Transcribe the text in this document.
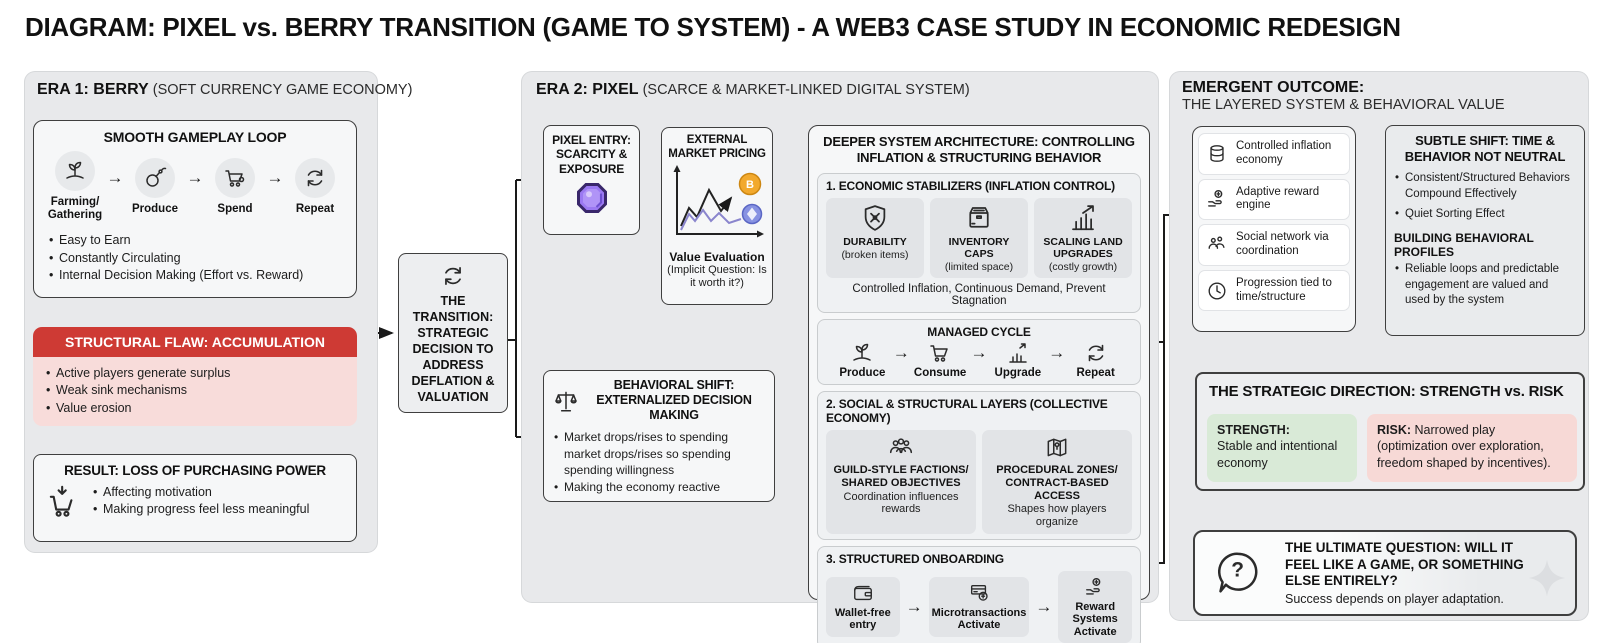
DIAGRAM: PIXEL vs. BERRY TRANSITION (GAME TO SYSTEM) - A WEB3 CASE STUDY IN ECONOMIC REDESIGN
ERA 1: BERRY (SOFT CURRENCY GAME ECONOMY)
SMOOTH GAMEPLAY LOOP
Farming/ Gathering
→
Produce
→
Spend
→
Repeat
• Easy to Earn
• Constantly Circulating
• Internal Decision Making (Effort vs. Reward)
STRUCTURAL FLAW: ACCUMULATION
• Active players generate surplus
• Weak sink mechanisms
• Value erosion
RESULT: LOSS OF PURCHASING POWER
• Affecting motivation
• Making progress feel less meaningful
THE TRANSITION: STRATEGIC DECISION TO ADDRESS DEFLATION & VALUATION
ERA 2: PIXEL (SCARCE & MARKET-LINKED DIGITAL SYSTEM)
PIXEL ENTRY: SCARCITY & EXPOSURE
EXTERNAL MARKET PRICING
B
Value Evaluation
(Implicit Question: Is it worth it?)
BEHAVIORAL SHIFT: EXTERNALIZED DECISION MAKING
• Market drops/rises to spending market drops/rises so spending spending willingness
• Making the economy reactive
DEEPER SYSTEM ARCHITECTURE: CONTROLLING INFLATION & STRUCTURING BEHAVIOR
1. ECONOMIC STABILIZERS (INFLATION CONTROL)
DURABILITY
(broken items)
INVENTORY CAPS
(limited space)
SCALING LAND UPGRADES
(costly growth)
Controlled Inflation, Continuous Demand, Prevent Stagnation
MANAGED CYCLE
Produce
→
Consume
→
Upgrade
→
Repeat
2. SOCIAL & STRUCTURAL LAYERS (COLLECTIVE ECONOMY)
GUILD-STYLE FACTIONS/ SHARED OBJECTIVES
Coordination influences rewards
PROCEDURAL ZONES/ CONTRACT-BASED ACCESS
Shapes how players organize
3. STRUCTURED ONBOARDING
Wallet-free entry
→ Microtransactions Activate
→	Reward Systems Activate
EMERGENT OUTCOME:
THE LAYERED SYSTEM & BEHAVIORAL VALUE
Controlled inflation economy
Adaptive reward engine
Social network via coordination
Progression tied to time/structure
SUBTLE SHIFT: TIME & BEHAVIOR NOT NEUTRAL
• Consistent/Structured Behaviors Compound Effectively
• Quiet Sorting Effect
BUILDING BEHAVIORAL PROFILES
• Reliable loops and predictable engagement are valued and used by the system
THE STRATEGIC DIRECTION: STRENGTH vs. RISK
STRENGTH:
Stable and intentional economy
RISK: Narrowed play (optimization over exploration, freedom shaped by incentives).
?
THE ULTIMATE QUESTION: WILL IT FEEL LIKE A GAME, OR SOMETHING ELSE ENTIRELY?
Success depends on player adaptation.
